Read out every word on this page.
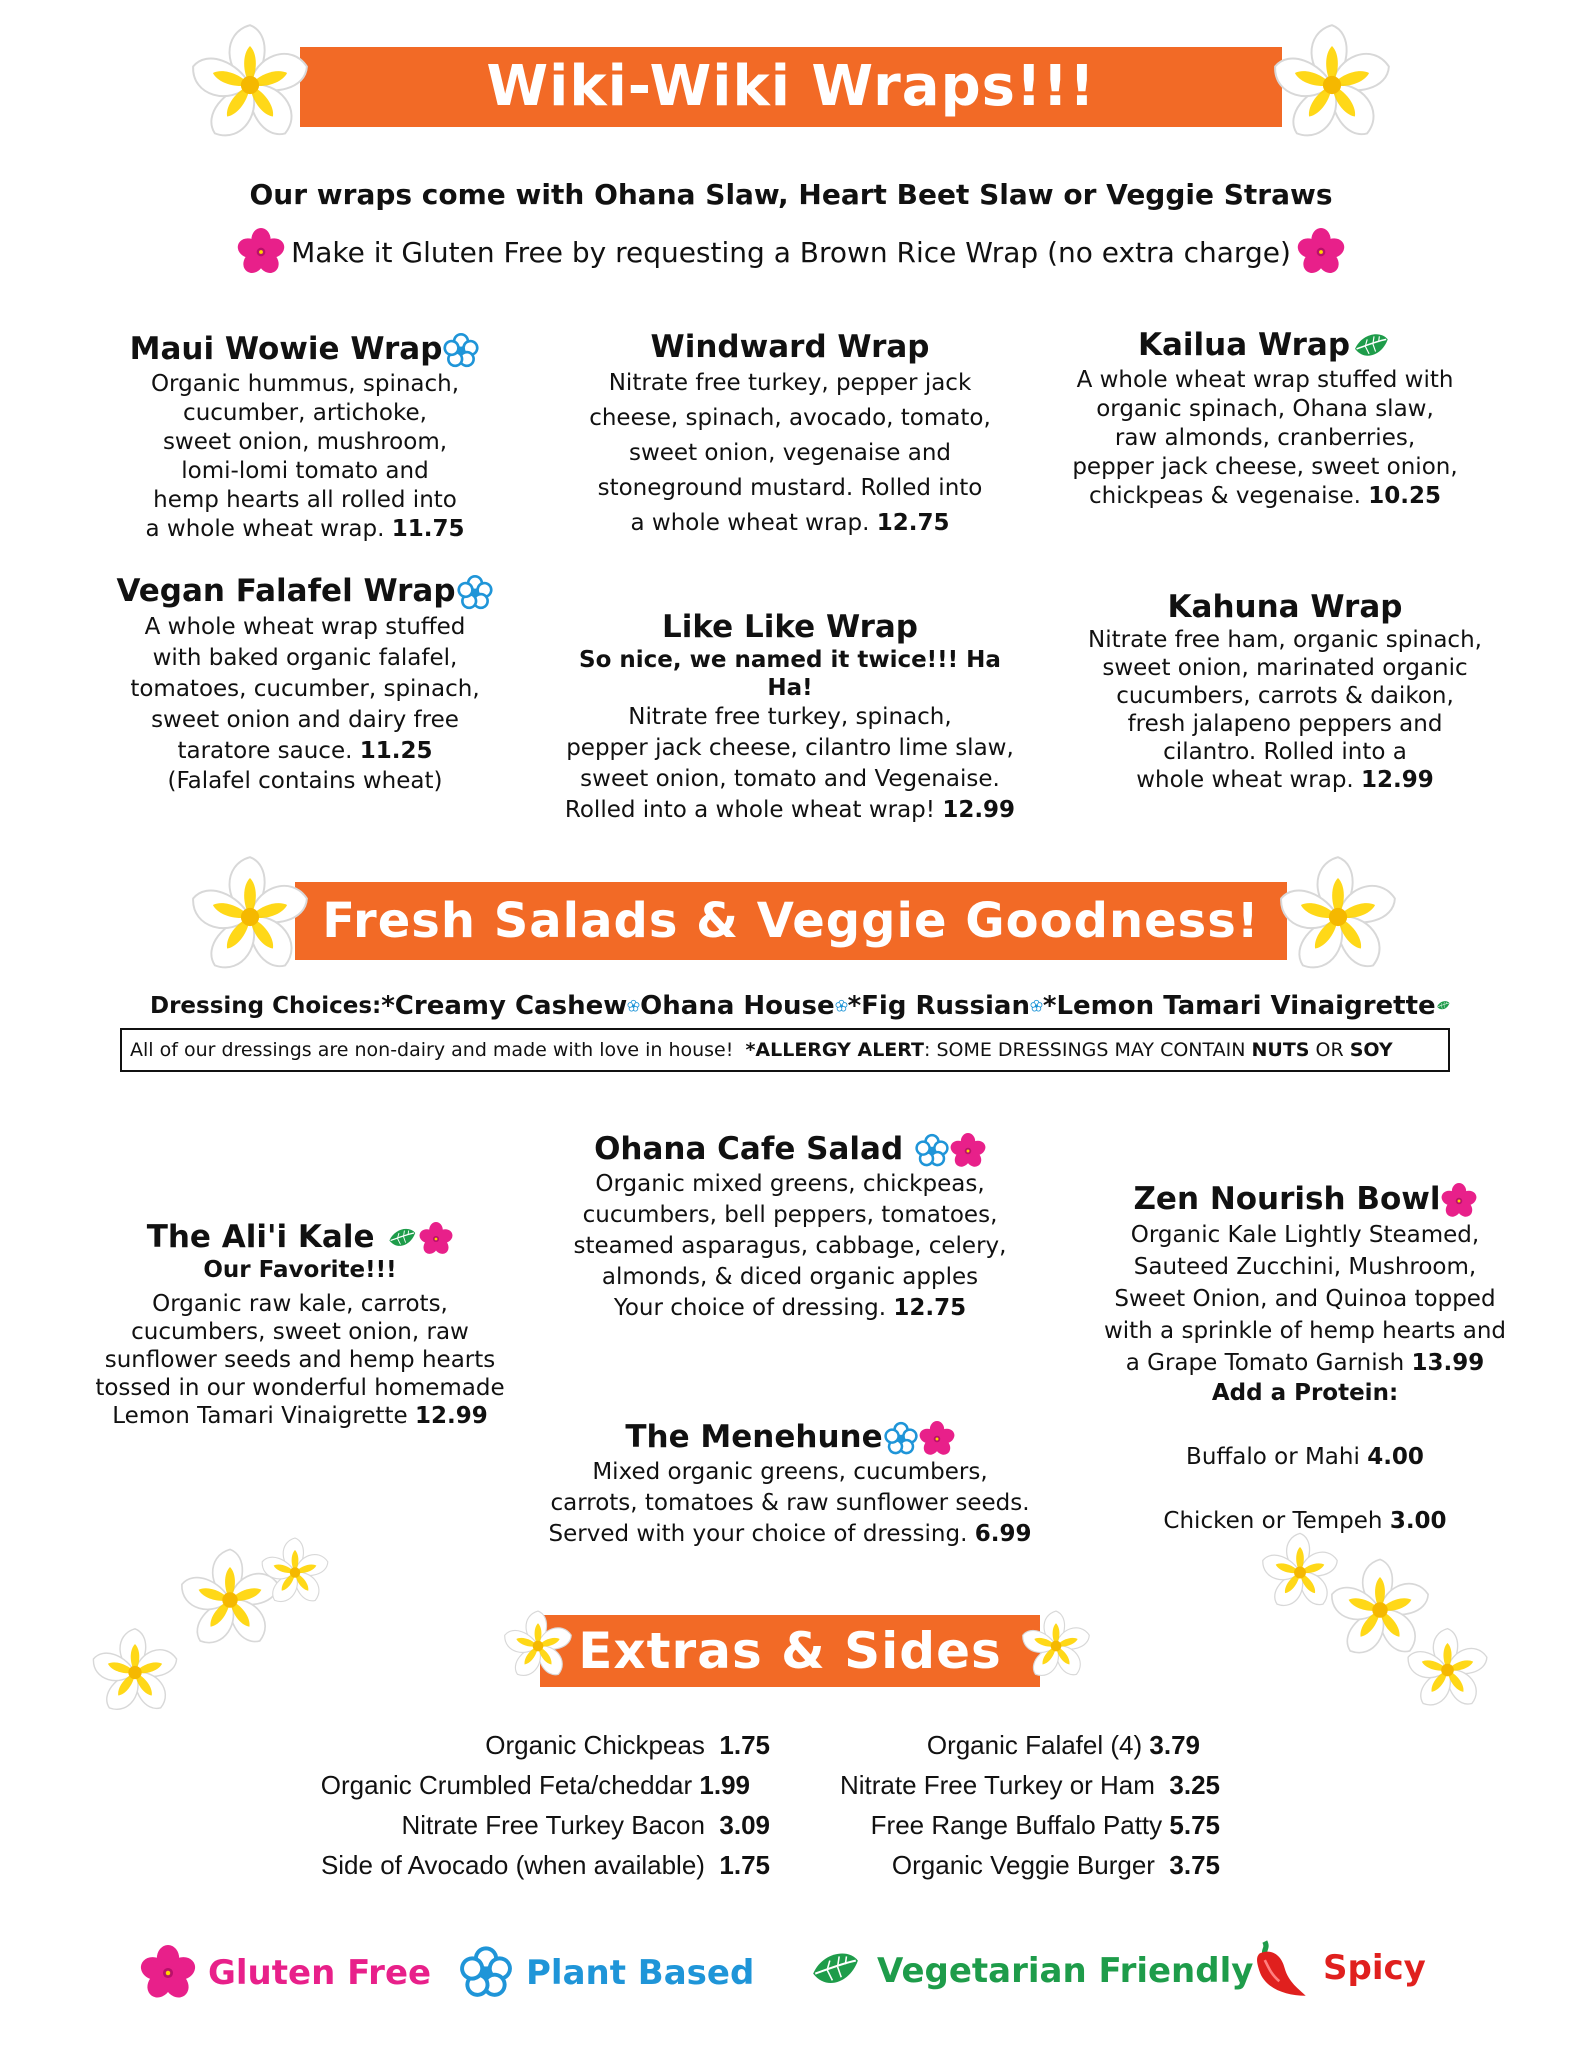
Wiki-Wiki Wraps!!!
Our wraps come with Ohana Slaw, Heart Beet Slaw or Veggie Straws
Make it Gluten Free by requesting a Brown Rice Wrap (no extra charge)
Maui Wowie Wrap
Organic hummus, spinach,
cucumber, artichoke,
sweet onion, mushroom,
lomi-lomi tomato and
hemp hearts all rolled into
a whole wheat wrap. 11.75
Windward Wrap
Nitrate free turkey, pepper jack
cheese, spinach, avocado, tomato,
sweet onion, vegenaise and
stoneground mustard. Rolled into
a whole wheat wrap. 12.75
Kailua Wrap
A whole wheat wrap stuffed with
organic spinach, Ohana slaw,
raw almonds, cranberries,
pepper jack cheese, sweet onion,
chickpeas & vegenaise. 10.25
Vegan Falafel Wrap
A whole wheat wrap stuffed
with baked organic falafel,
tomatoes, cucumber, spinach,
sweet onion and dairy free
taratore sauce. 11.25
(Falafel contains wheat)
Like Like Wrap
So nice, we named it twice!!! Ha Ha!
Nitrate free turkey, spinach,
pepper jack cheese, cilantro lime slaw,
sweet onion, tomato and Vegenaise.
Rolled into a whole wheat wrap! 12.99
Kahuna Wrap
Nitrate free ham, organic spinach,
sweet onion, marinated organic
cucumbers, carrots & daikon,
fresh jalapeno peppers and
cilantro. Rolled into a
whole wheat wrap. 12.99
Fresh Salads & Veggie Goodness!
Dressing Choices: *Creamy Cashew Ohana House *Fig Russian *Lemon Tamari Vinaigrette
All of our dressings are non-dairy and made with love in house! *ALLERGY ALERT: SOME DRESSINGS MAY CONTAIN NUTS OR SOY
The Ali'i Kale
Our Favorite!!!
Organic raw kale, carrots,
cucumbers, sweet onion, raw
sunflower seeds and hemp hearts
tossed in our wonderful homemade
Lemon Tamari Vinaigrette 12.99
Ohana Cafe Salad
Organic mixed greens, chickpeas,
cucumbers, bell peppers, tomatoes,
steamed asparagus, cabbage, celery,
almonds, & diced organic apples
Your choice of dressing. 12.75
Zen Nourish Bowl
Organic Kale Lightly Steamed,
Sauteed Zucchini, Mushroom,
Sweet Onion, and Quinoa topped
with a sprinkle of hemp hearts and
a Grape Tomato Garnish 13.99
Add a Protein:

Buffalo or Mahi 4.00

Chicken or Tempeh 3.00

The Menehune
Mixed organic greens, cucumbers,
carrots, tomatoes & raw sunflower seeds.
Served with your choice of dressing. 6.99
Extras & Sides
Organic Chickpeas 1.75
Organic Crumbled Feta/cheddar 1.99
Nitrate Free Turkey Bacon 3.09
Side of Avocado (when available) 1.75
Organic Falafel (4) 3.79
Nitrate Free Turkey or Ham 3.25
Free Range Buffalo Patty 5.75
Organic Veggie Burger 3.75
Gluten Free	Plant Based	Vegetarian Friendly Spicy
